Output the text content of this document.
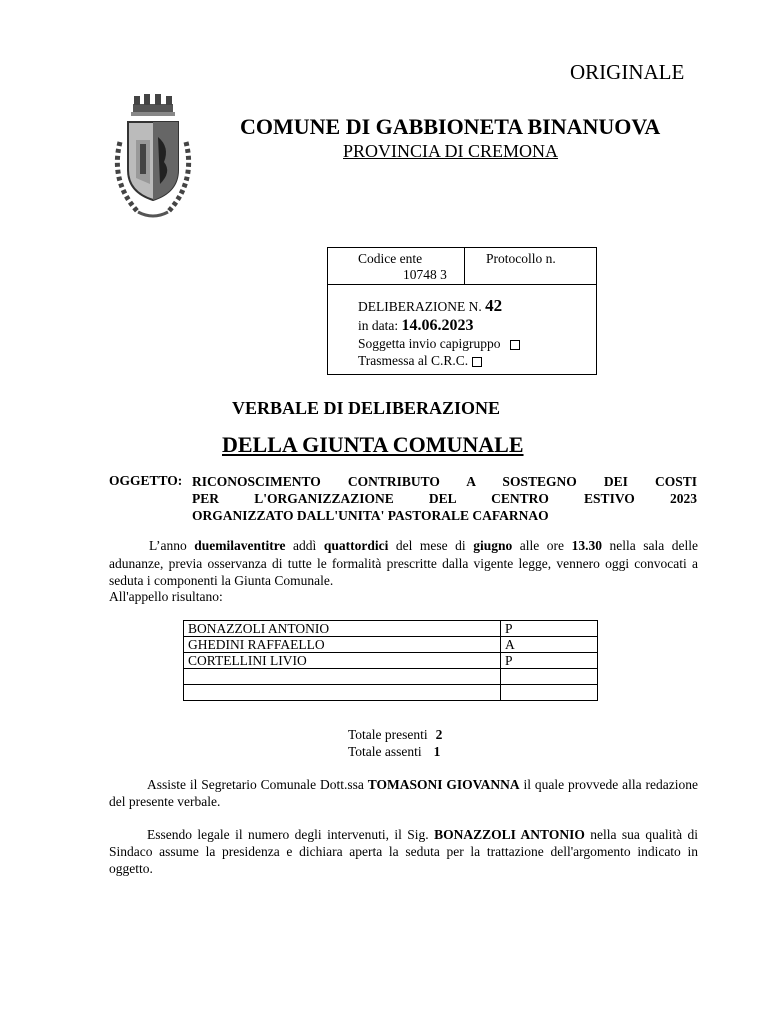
ORIGINALE
COMUNE DI GABBIONETA BINANUOVA
PROVINCIA DI CREMONA
Codice ente
10748 3
Protocollo n.
DELIBERAZIONE N. 42
in data: 14.06.2023
Soggetta invio capigruppo
Trasmessa al C.R.C.
VERBALE DI DELIBERAZIONE
DELLA GIUNTA COMUNALE
OGGETTO: RICONOSCIMENTO CONTRIBUTO A SOSTEGNO DEI COSTI
PER L'ORGANIZZAZIONE DEL CENTRO ESTIVO 2023
ORGANIZZATO DALL'UNITA' PASTORALE CAFARNAO
L’anno duemilaventitre addì quattordici del mese di giugno alle ore 13.30 nella sala delle adunanze, previa osservanza di tutte le formalità prescritte dalla vigente legge, vennero oggi convocati a seduta i componenti la Giunta Comunale.
All'appello risultano:
BONAZZOLI ANTONIO	P
GHEDINI RAFFAELLO	A
CORTELLINI LIVIO	P

Totale presenti 2
Totale assenti 1
Assiste il Segretario Comunale Dott.ssa TOMASONI GIOVANNA il quale provvede alla redazione del presente verbale.
Essendo legale il numero degli intervenuti, il Sig. BONAZZOLI ANTONIO nella sua qualità di Sindaco assume la presidenza e dichiara aperta la seduta per la trattazione dell'argomento indicato in oggetto.
